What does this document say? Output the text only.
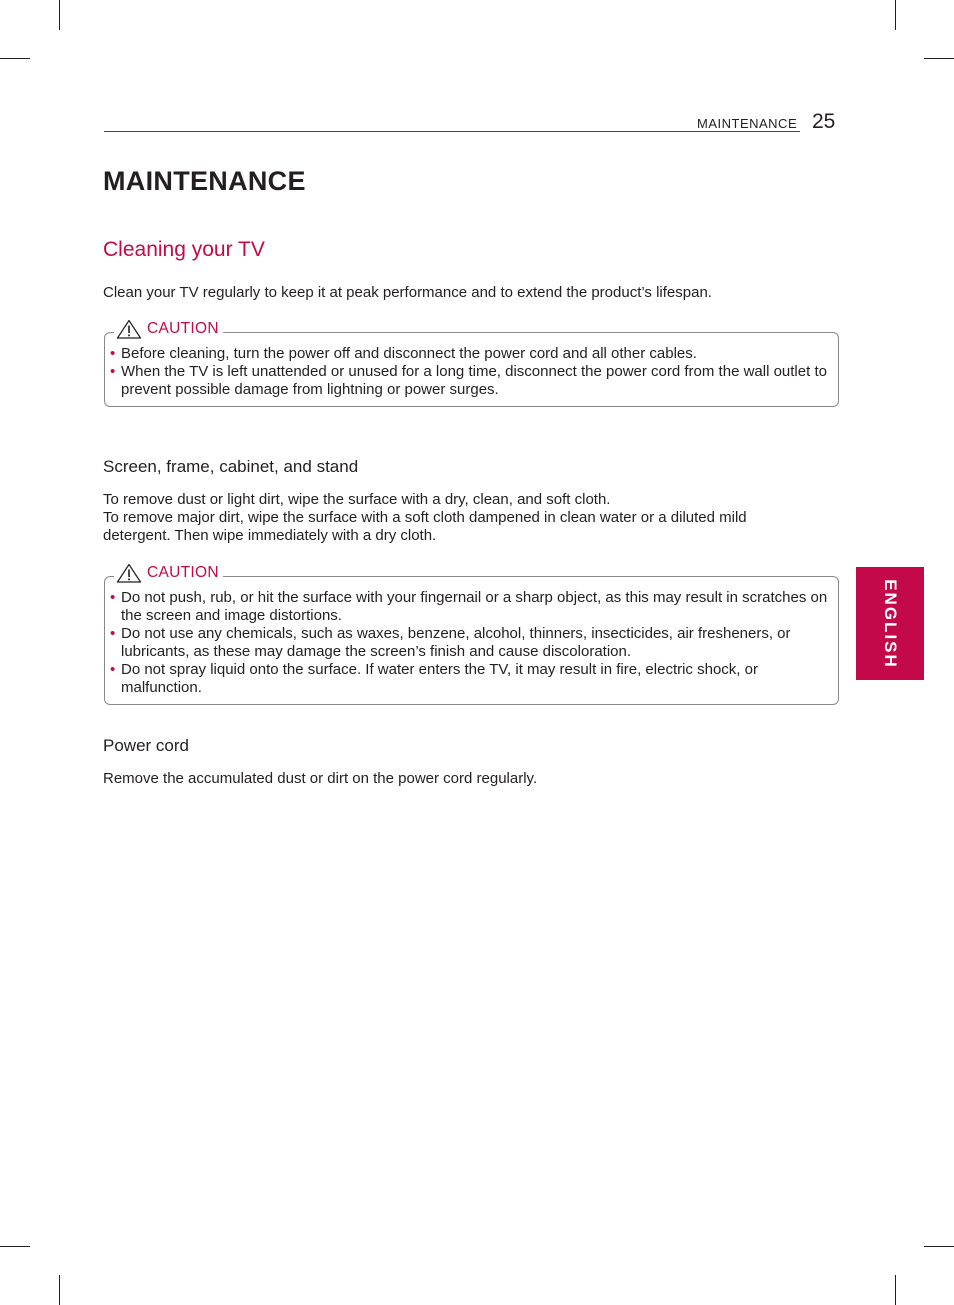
MAINTENANCE 25
MAINTENANCE
Cleaning your TV
Clean your TV regularly to keep it at peak performance and to extend the product’s lifespan.
CAUTION
• Before cleaning, turn the power off and disconnect the power cord and all other cables.
• When the TV is left unattended or unused for a long time, disconnect the power cord from the wall outlet to prevent possible damage from lightning or power surges.
Screen, frame, cabinet, and stand
To remove dust or light dirt, wipe the surface with a dry, clean, and soft cloth.
To remove major dirt, wipe the surface with a soft cloth dampened in clean water or a diluted mild detergent. Then wipe immediately with a dry cloth.
CAUTION
• Do not push, rub, or hit the surface with your fingernail or a sharp object, as this may result in scratches on the screen and image distortions.
• Do not use any chemicals, such as waxes, benzene, alcohol, thinners, insecticides, air fresheners, or lubricants, as these may damage the screen’s finish and cause discoloration.
• Do not spray liquid onto the surface. If water enters the TV, it may result in fire, electric shock, or malfunction.
Power cord
Remove the accumulated dust or dirt on the power cord regularly.
ENGLISH
